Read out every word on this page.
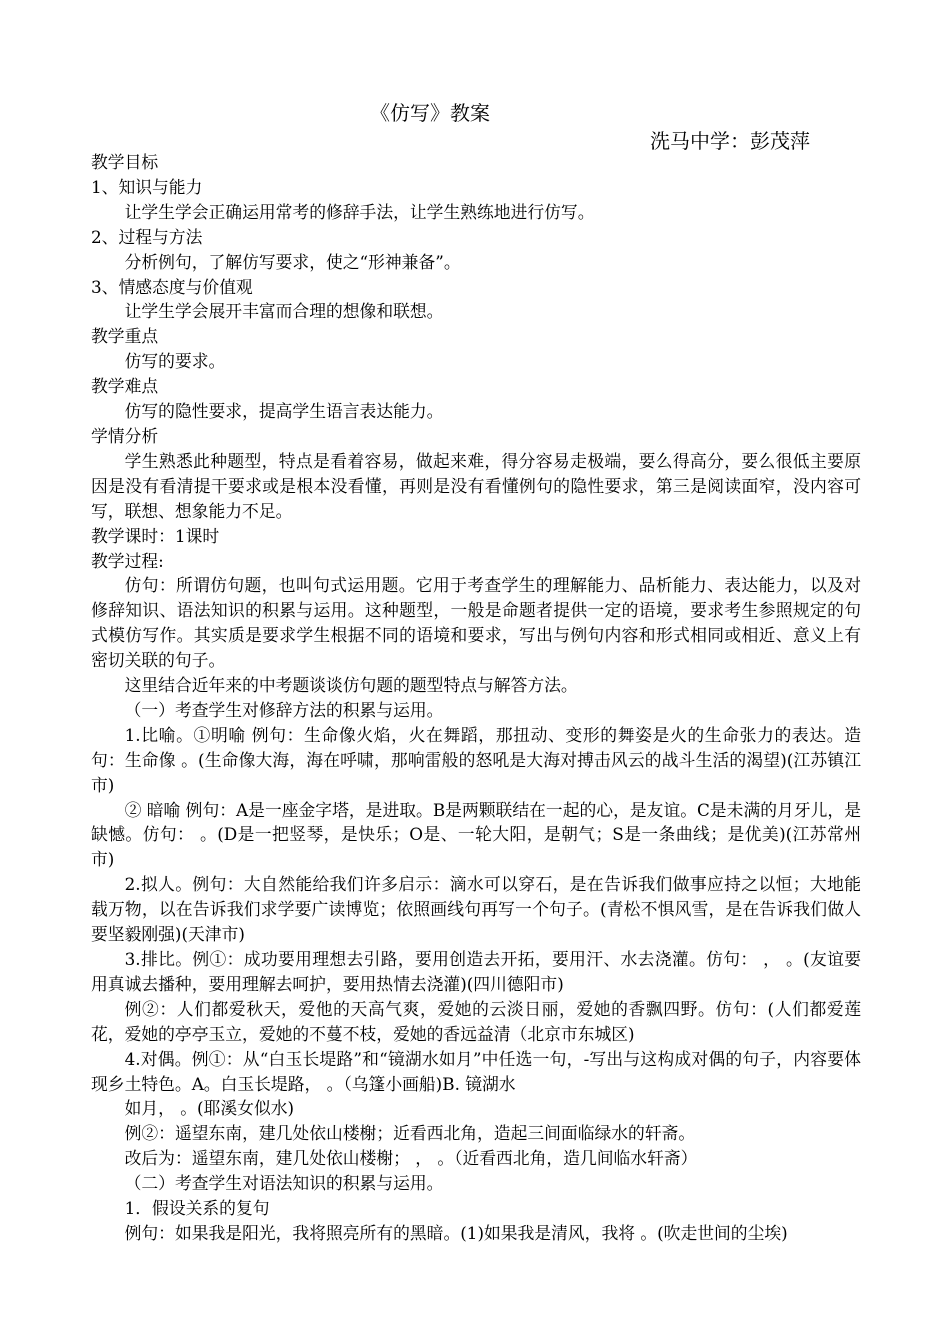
《仿写》教案
洗马中学：彭茂萍

教学目标

1、知识与能力

让学生学会正确运用常考的修辞手法，让学生熟练地进行仿写。

2、过程与方法

分析例句，了解仿写要求，使之“形神兼备”。

3、情感态度与价值观

让学生学会展开丰富而合理的想像和联想。

教学重点

仿写的要求。

教学难点

仿写的隐性要求，提高学生语言表达能力。

学情分析

学生熟悉此种题型，特点是看着容易，做起来难，得分容易走极端，要么得高分，要么很低主要原因是没有看清提干要求或是根本没看懂，再则是没有看懂例句的隐性要求，第三是阅读面窄，没内容可写，联想、想象能力不足。

教学课时：1课时

教学过程:

仿句：所谓仿句题，也叫句式运用题。它用于考查学生的理解能力、品析能力、表达能力，以及对修辞知识、语法知识的积累与运用。这种题型，一般是命题者提供一定的语境，要求考生参照规定的句式模仿写作。其实质是要求学生根据不同的语境和要求，写出与例句内容和形式相同或相近、意义上有密切关联的句子。

这里结合近年来的中考题谈谈仿句题的题型特点与解答方法。

（一）考查学生对修辞方法的积累与运用。

1.比喻。①明喻 例句：生命像火焰，火在舞蹈，那扭动、变形的舞姿是火的生命张力的表达。造句：生命像 。(生命像大海，海在呼啸，那响雷般的怒吼是大海对搏击风云的战斗生活的渴望)(江苏镇江市)

② 暗喻 例句：A是一座金字塔，是进取。B是两颗联结在一起的心，是友谊。C是未满的月牙儿，是缺憾。仿句： 。(D是一把竖琴，是快乐；O是、一轮大阳，是朝气；S是一条曲线；是优美)(江苏常州市)

2.拟人。例句：大自然能给我们许多启示：滴水可以穿石，是在告诉我们做事应持之以恒；大地能载万物，以在告诉我们求学要广读博览；依照画线句再写一个句子。(青松不惧风雪，是在告诉我们做人要坚毅刚强)(天津市)

3.排比。例①：成功要用理想去引路，要用创造去开拓，要用汗、水去浇灌。仿句： ， 。(友谊要用真诚去播种，要用理解去呵护，要用热情去浇灌)(四川德阳市)

例②：人们都爱秋天，爱他的天高气爽，爱她的云淡日丽，爱她的香飘四野。仿句：(人们都爱莲花，爱她的亭亭玉立，爱她的不蔓不枝，爱她的香远益清（北京市东城区)

4.对偶。例①：从“白玉长堤路”和“镜湖水如月”中任选一句，-写出与这构成对偶的句子，内容要体现乡土特色。A。白玉长堤路， 。（乌篷小画船)B. 镜湖水

如月， 。(耶溪女似水)

例②：遥望东南，建几处依山楼榭；近看西北角，造起三间面临绿水的轩斋。

改后为：遥望东南，建几处依山楼榭； ， 。（近看西北角，造几间临水轩斋）

（二）考查学生对语法知识的积累与运用。

1．假设关系的复句

例句：如果我是阳光，我将照亮所有的黑暗。(1)如果我是清风，我将 。(吹走世间的尘埃)
